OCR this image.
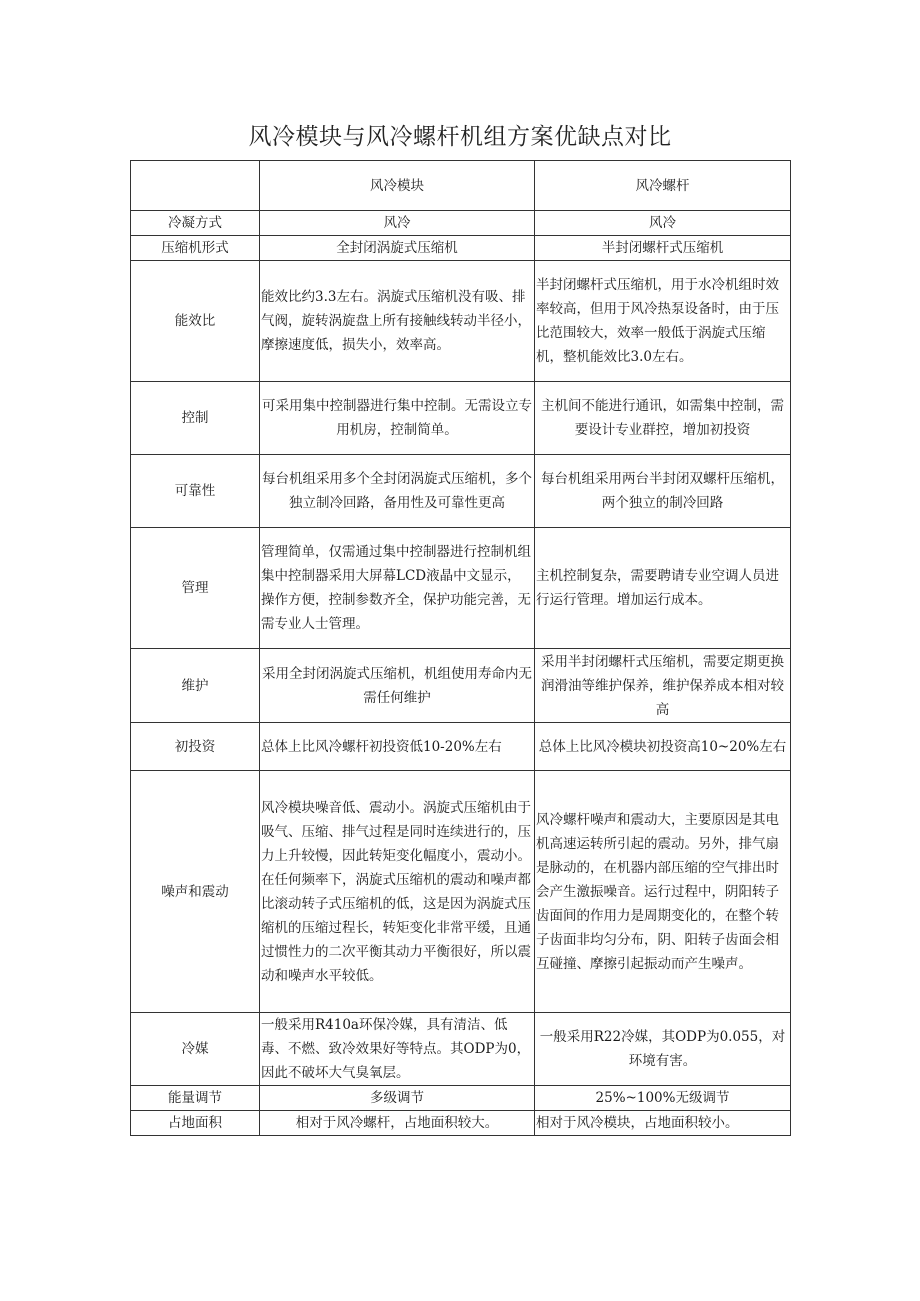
风冷模块与风冷螺杆机组方案优缺点对比
	风冷模块	风冷螺杆
冷凝方式	风冷	风冷
压缩机形式	全封闭涡旋式压缩机	半封闭螺杆式压缩机
能效比	能效比约3.3左右。涡旋式压缩机没有吸、排气阀，旋转涡旋盘上所有接触线转动半径小，摩擦速度低，损失小，效率高。	半封闭螺杆式压缩机，用于水冷机组时效率较高，但用于风冷热泵设备时，由于压比范围较大，效率一般低于涡旋式压缩机，整机能效比3.0左右。
控制	可采用集中控制器进行集中控制。无需设立专用机房，控制简单。	主机间不能进行通讯，如需集中控制，需要设计专业群控，增加初投资
可靠性	每台机组采用多个全封闭涡旋式压缩机，多个独立制冷回路，备用性及可靠性更高	每台机组采用两台半封闭双螺杆压缩机，两个独立的制冷回路
管理	管理简单，仅需通过集中控制器进行控制机组集中控制器采用大屏幕LCD液晶中文显示，操作方便，控制参数齐全，保护功能完善，无需专业人士管理。	主机控制复杂，需要聘请专业空调人员进行运行管理。增加运行成本。
维护	采用全封闭涡旋式压缩机，机组使用寿命内无需任何维护	采用半封闭螺杆式压缩机，需要定期更换润滑油等维护保养，维护保养成本相对较高
初投资	总体上比风冷螺杆初投资低10-20%左右	总体上比风冷模块初投资高10~20%左右
噪声和震动	风冷模块噪音低、震动小。涡旋式压缩机由于吸气、压缩、排气过程是同时连续进行的，压力上升较慢，因此转矩变化幅度小，震动小。在任何频率下，涡旋式压缩机的震动和噪声都比滚动转子式压缩机的低，这是因为涡旋式压缩机的压缩过程长，转矩变化非常平缓，且通过惯性力的二次平衡其动力平衡很好，所以震动和噪声水平较低。	风冷螺杆噪声和震动大，主要原因是其电机高速运转所引起的震动。另外，排气扇是脉动的，在机器内部压缩的空气排出时会产生激振噪音。运行过程中，阴阳转子齿面间的作用力是周期变化的，在整个转子齿面非均匀分布，阴、阳转子齿面会相互碰撞、摩擦引起振动而产生噪声。
冷媒	一般采用R410a环保冷媒，具有清洁、低毒、不燃、致冷效果好等特点。其ODP为0，因此不破坏大气臭氧层。	一般采用R22冷媒，其ODP为0.055，对环境有害。
能量调节	多级调节	25%~100%无级调节
占地面积	相对于风冷螺杆，占地面积较大。	相对于风冷模块，占地面积较小。
